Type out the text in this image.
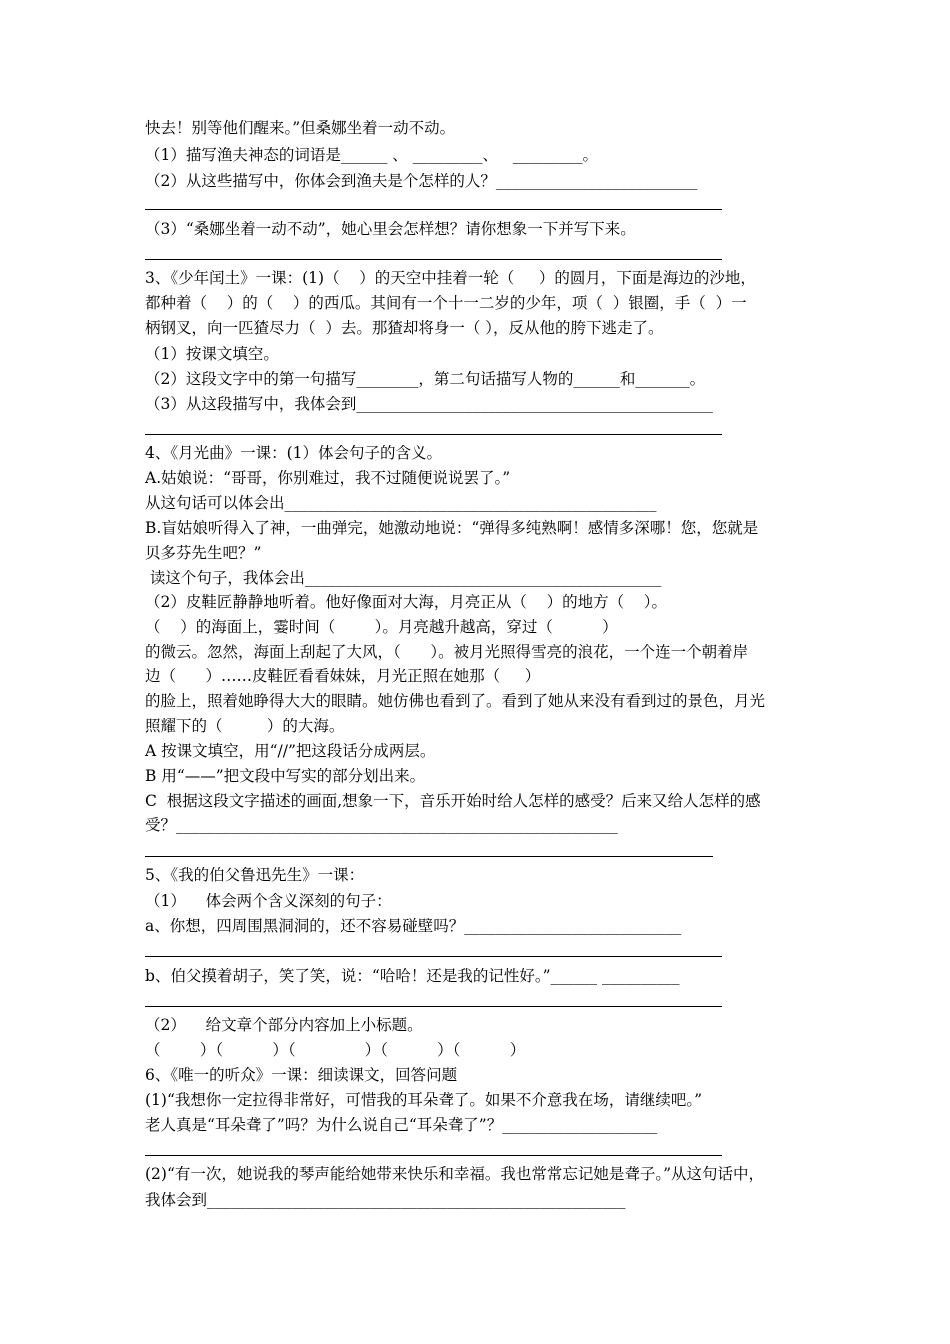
快去！别等他们醒来。”但桑娜坐着一动不动。
（1）描写渔夫神态的词语是______ 、 _________、   _________。
（2）从这些描写中，你体会到渔夫是个怎样的人？__________________________
（3）“桑娜坐着一动不动”，她心里会怎样想？请你想象一下并写下来。
3、《少年闰土》一课：(1)（    ）的天空中挂着一轮（     ）的圆月，下面是海边的沙地，
都种着（    ）的（    ）的西瓜。其间有一个十一二岁的少年，项（  ）银圈，手（  ）一
柄钢叉，向一匹猹尽力（  ）去。那猹却将身一（ ），反从他的胯下逃走了。
（1）按课文填空。
（2）这段文字中的第一句描写________，第二句话描写人物的______和_______。
（3）从这段描写中，我体会到______________________________________________
4、《月光曲》一课：(1）体会句子的含义。
A.姑娘说：“哥哥，你别难过，我不过随便说说罢了。”
从这句话可以体会出________________________________________________
B.盲姑娘听得入了神，一曲弹完，她激动地说：“弹得多纯熟啊！感情多深哪！您，您就是
贝多芬先生吧？”
读这个句子，我体会出______________________________________________
（2）皮鞋匠静静地听着。他好像面对大海，月亮正从（    ）的地方（    ）。
（    ）的海面上，霎时间（        ）。月亮越升越高，穿过（          ）
的微云。忽然，海面上刮起了大风，（      ）。被月光照得雪亮的浪花，一个连一个朝着岸
边（      ）……皮鞋匠看看妹妹，月光正照在她那（     ）
的脸上，照着她睁得大大的眼睛。她仿佛也看到了。看到了她从来没有看到过的景色，月光
照耀下的（         ）的大海。
A 按课文填空，用“//”把这段话分成两层。
B 用“——”把文段中写实的部分划出来。
C  根据这段文字描述的画面,想象一下，音乐开始时给人怎样的感受？后来又给人怎样的感
受？_________________________________________________________
5、《我的伯父鲁迅先生》一课：
（1）    体会两个含义深刻的句子：
a、你想，四周围黑洞洞的，还不容易碰壁吗？____________________________
b、伯父摸着胡子，笑了笑，说：“哈哈！还是我的记性好。”______ __________
（2）    给文章个部分内容加上小标题。
（        ）（          ）（              ）（          ）（          ）
6、《唯一的听众》一课：细读课文，回答问题
(1)“我想你一定拉得非常好，可惜我的耳朵聋了。如果不介意我在场，请继续吧。”
老人真是“耳朵聋了”吗？为什么说自己“耳朵聋了”？____________________
(2)“有一次，她说我的琴声能给她带来快乐和幸福。我也常常忘记她是聋子。”从这句话中，
我体会到______________________________________________________
